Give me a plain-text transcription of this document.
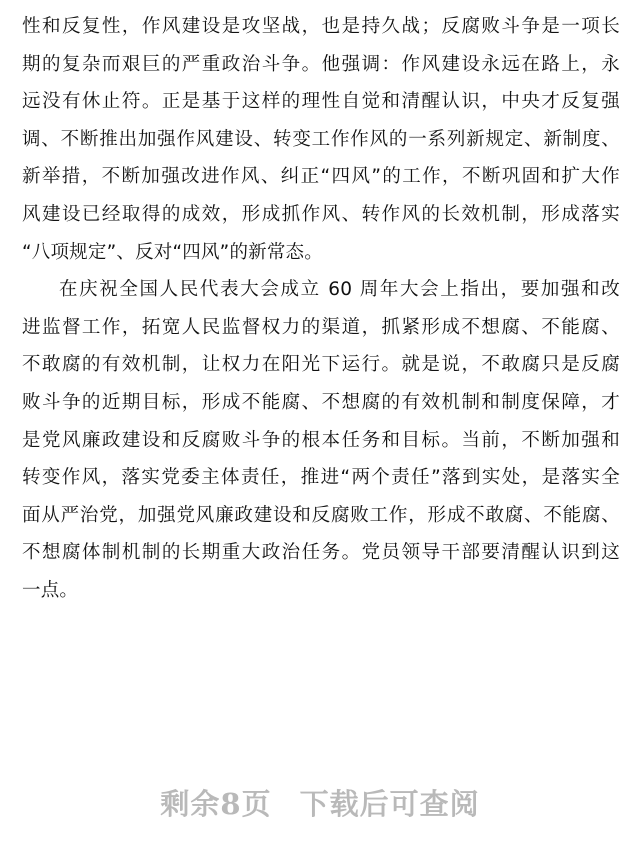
性和反复性，作风建设是攻坚战，也是持久战；反腐败斗争是一项长
期的复杂而艰巨的严重政治斗争。他强调：作风建设永远在路上，永
远没有休止符。正是基于这样的理性自觉和清醒认识，中央才反复强
调、不断推出加强作风建设、转变工作作风的一系列新规定、新制度、
新举措，不断加强改进作风、纠正“四风”的工作，不断巩固和扩大作
风建设已经取得的成效，形成抓作风、转作风的长效机制，形成落实
“八项规定”、反对“四风”的新常态。
在庆祝全国人民代表大会成立 60 周年大会上指出，要加强和改
进监督工作，拓宽人民监督权力的渠道，抓紧形成不想腐、不能腐、
不敢腐的有效机制，让权力在阳光下运行。就是说，不敢腐只是反腐
败斗争的近期目标，形成不能腐、不想腐的有效机制和制度保障，才
是党风廉政建设和反腐败斗争的根本任务和目标。当前，不断加强和
转变作风，落实党委主体责任，推进“两个责任”落到实处，是落实全
面从严治党，加强党风廉政建设和反腐败工作，形成不敢腐、不能腐、
不想腐体制机制的长期重大政治任务。党员领导干部要清醒认识到这
一点。
剩余8页 下载后可查阅
